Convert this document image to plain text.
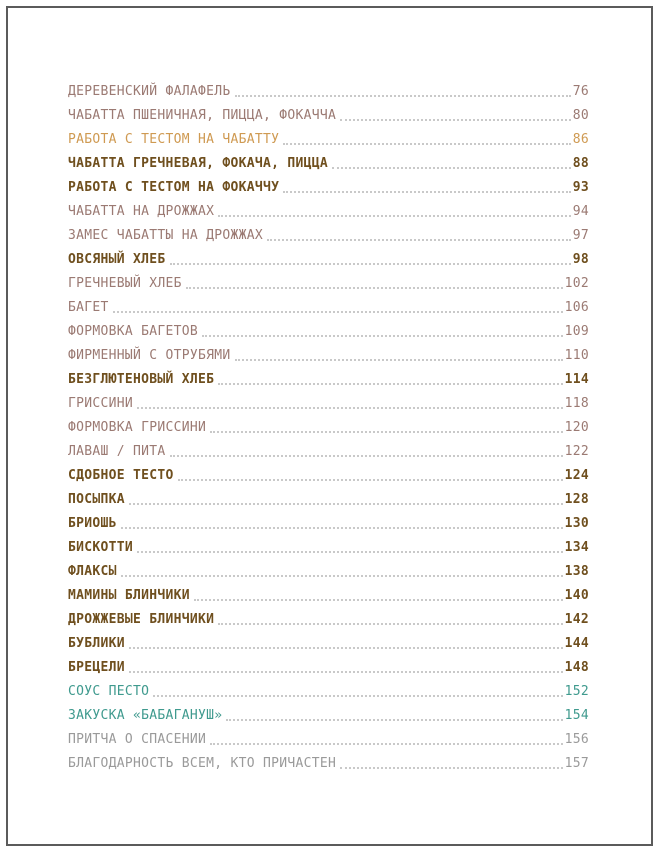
ДЕРЕВЕНСКИЙ ФАЛАФЕЛЬ	76
ЧАБАТТА ПШЕНИЧНАЯ, ПИЦЦА, ФОКАЧЧА	80
РАБОТА С ТЕСТОМ НА ЧАБАТТУ	86
ЧАБАТТА ГРЕЧНЕВАЯ, ФОКАЧА, ПИЦЦА	88
РАБОТА С ТЕСТОМ НА ФОКАЧЧУ	93
ЧАБАТТА НА ДРОЖЖАХ	94
ЗАМЕС ЧАБАТТЫ НА ДРОЖЖАХ	97
ОВСЯНЫЙ ХЛЕБ	98
ГРЕЧНЕВЫЙ ХЛЕБ	102
БАГЕТ	106
ФОРМОВКА БАГЕТОВ	109
ФИРМЕННЫЙ С ОТРУБЯМИ	110
БЕЗГЛЮТЕНОВЫЙ ХЛЕБ	114
ГРИССИНИ	118
ФОРМОВКА ГРИССИНИ	120
ЛАВАШ / ПИТА	122
СДОБНОЕ ТЕСТО	124
ПОСЫПКА	128
БРИОШЬ	130
БИСКОТТИ	134
ФЛАКСЫ	138
МАМИНЫ БЛИНЧИКИ	140
ДРОЖЖЕВЫЕ БЛИНЧИКИ	142
БУБЛИКИ	144
БРЕЦЕЛИ	148
СОУС ПЕСТО	152
ЗАКУСКА «БАБАГАНУШ»	154
ПРИТЧА О СПАСЕНИИ	156
БЛАГОДАРНОСТЬ ВСЕМ, КТО ПРИЧАСТЕН	157
